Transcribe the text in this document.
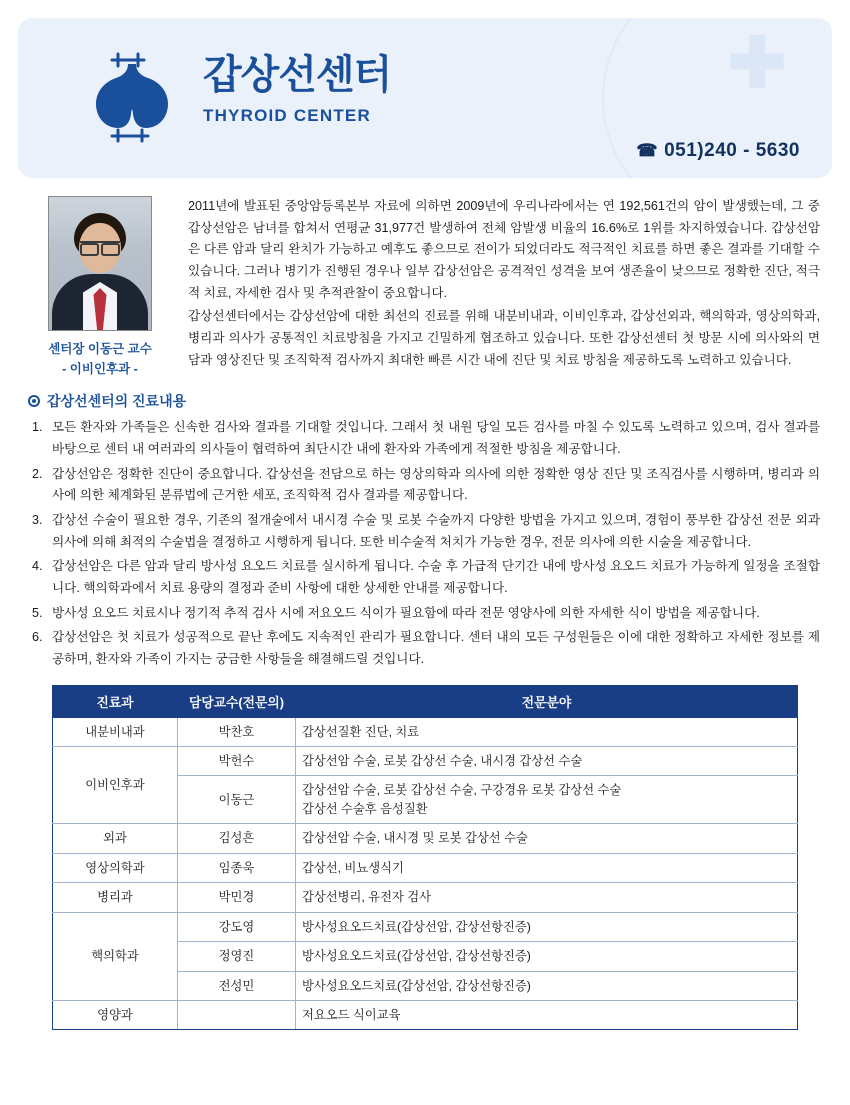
✚
갑상선센터
THYROID CENTER
☎ 051)240 - 5630
센터장 이동근 교수
- 이비인후과 -

2011년에 발표된 중앙암등록본부 자료에 의하면 2009년에 우리나라에서는 연 192,561건의 암이 발생했는데, 그 중 갑상선암은 남녀를 합쳐서 연평균 31,977건 발생하여 전체 암발생 비율의 16.6%로 1위를 차지하였습니다. 갑상선암은 다른 암과 달리 완치가 가능하고 예후도 좋으므로 전이가 되었더라도 적극적인 치료를 하면 좋은 결과를 기대할 수 있습니다. 그러나 병기가 진행된 경우나 일부 갑상선암은 공격적인 성격을 보여 생존율이 낮으므로 정확한 진단, 적극적 치료, 자세한 검사 및 추적관찰이 중요합니다.

갑상선센터에서는 갑상선암에 대한 최선의 진료를 위해 내분비내과, 이비인후과, 갑상선외과, 핵의학과, 영상의학과, 병리과 의사가 공통적인 치료방침을 가지고 긴밀하게 협조하고 있습니다. 또한 갑상선센터 첫 방문 시에 의사와의 면담과 영상진단 및 조직학적 검사까지 최대한 빠른 시간 내에 진단 및 치료 방침을 제공하도록 노력하고 있습니다.

갑상선센터의 진료내용
모든 환자와 가족들은 신속한 검사와 결과를 기대할 것입니다. 그래서 첫 내원 당일 모든 검사를 마칠 수 있도록 노력하고 있으며, 검사 결과를 바탕으로 센터 내 여러과의 의사들이 협력하여 최단시간 내에 환자와 가족에게 적절한 방침을 제공합니다.
갑상선암은 정확한 진단이 중요합니다. 갑상선을 전담으로 하는 영상의학과 의사에 의한 정확한 영상 진단 및 조직검사를 시행하며, 병리과 의사에 의한 체계화된 분류법에 근거한 세포, 조직학적 검사 결과를 제공합니다.
갑상선 수술이 필요한 경우, 기존의 절개술에서 내시경 수술 및 로봇 수술까지 다양한 방법을 가지고 있으며, 경험이 풍부한 갑상선 전문 외과 의사에 의해 최적의 수술법을 결정하고 시행하게 됩니다. 또한 비수술적 처치가 가능한 경우, 전문 의사에 의한 시술을 제공합니다.
갑상선암은 다른 암과 달리 방사성 요오드 치료를 실시하게 됩니다. 수술 후 가급적 단기간 내에 방사성 요오드 치료가 가능하게 일정을 조절합니다. 핵의학과에서 치료 용량의 결정과 준비 사항에 대한 상세한 안내를 제공합니다.
방사성 요오드 치료시나 정기적 추적 검사 시에 저요오드 식이가 필요함에 따라 전문 영양사에 의한 자세한 식이 방법을 제공합니다.
갑상선암은 첫 치료가 성공적으로 끝난 후에도 지속적인 관리가 필요합니다. 센터 내의 모든 구성원들은 이에 대한 정확하고 자세한 정보를 제공하며, 환자와 가족이 가지는 궁금한 사항들을 해결해드릴 것입니다.
진료과	담당교수(전문의)	전문분야
내분비내과	박찬호	갑상선질환 진단, 치료
이비인후과	박헌수	갑상선암 수술, 로봇 갑상선 수술, 내시경 갑상선 수술
	이동근	갑상선암 수술, 로봇 갑상선 수술, 구강경유 로봇 갑상선 수술
갑상선 수술후 음성질환
외과	김성흔	갑상선암 수술, 내시경 및 로봇 갑상선 수술
영상의학과	임종욱	갑상선, 비뇨생식기
병리과	박민경	갑상선병리, 유전자 검사
핵의학과	강도영	방사성요오드치료(갑상선암, 갑상선항진증)
	정영진	방사성요오드치료(갑상선암, 갑상선항진증)
	전성민	방사성요오드치료(갑상선암, 갑상선항진증)
영양과		저요오드 식이교육
